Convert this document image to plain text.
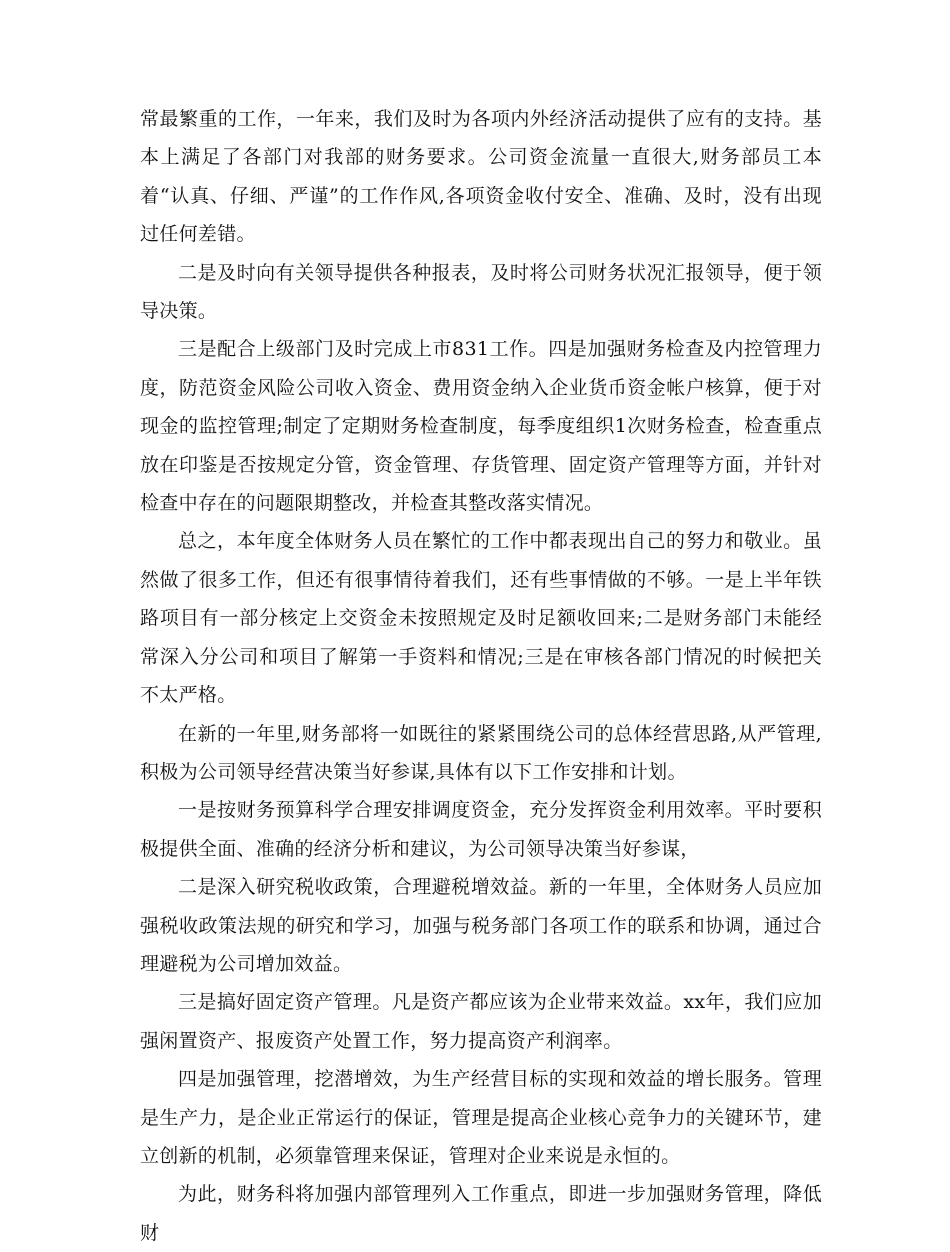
常最繁重的工作，一年来，我们及时为各项内外经济活动提供了应有的支持。基本上满足了各部门对我部的财务要求。公司资金流量一直很大,财务部员工本着“认真、仔细、严谨”的工作作风,各项资金收付安全、准确、及时，没有出现过任何差错。

二是及时向有关领导提供各种报表，及时将公司财务状况汇报领导，便于领导决策。

三是配合上级部门及时完成上市831工作。四是加强财务检查及内控管理力度，防范资金风险公司收入资金、费用资金纳入企业货币资金帐户核算，便于对现金的监控管理;制定了定期财务检查制度，每季度组织1次财务检查，检查重点放在印鉴是否按规定分管，资金管理、存货管理、固定资产管理等方面，并针对检查中存在的问题限期整改，并检查其整改落实情况。

总之，本年度全体财务人员在繁忙的工作中都表现出自己的努力和敬业。虽然做了很多工作，但还有很事情待着我们，还有些事情做的不够。一是上半年铁路项目有一部分核定上交资金未按照规定及时足额收回来;二是财务部门未能经常深入分公司和项目了解第一手资料和情况;三是在审核各部门情况的时候把关不太严格。

在新的一年里,财务部将一如既往的紧紧围绕公司的总体经营思路,从严管理,积极为公司领导经营决策当好参谋,具体有以下工作安排和计划。

一是按财务预算科学合理安排调度资金，充分发挥资金利用效率。平时要积极提供全面、准确的经济分析和建议，为公司领导决策当好参谋，

二是深入研究税收政策，合理避税增效益。新的一年里，全体财务人员应加强税收政策法规的研究和学习，加强与税务部门各项工作的联系和协调，通过合理避税为公司增加效益。

三是搞好固定资产管理。凡是资产都应该为企业带来效益。xx年，我们应加强闲置资产、报废资产处置工作，努力提高资产利润率。

四是加强管理，挖潜增效，为生产经营目标的实现和效益的增长服务。管理是生产力，是企业正常运行的保证，管理是提高企业核心竞争力的关键环节，建立创新的机制，必须靠管理来保证，管理对企业来说是永恒的。

为此，财务科将加强内部管理列入工作重点，即进一步加强财务管理，降低财
